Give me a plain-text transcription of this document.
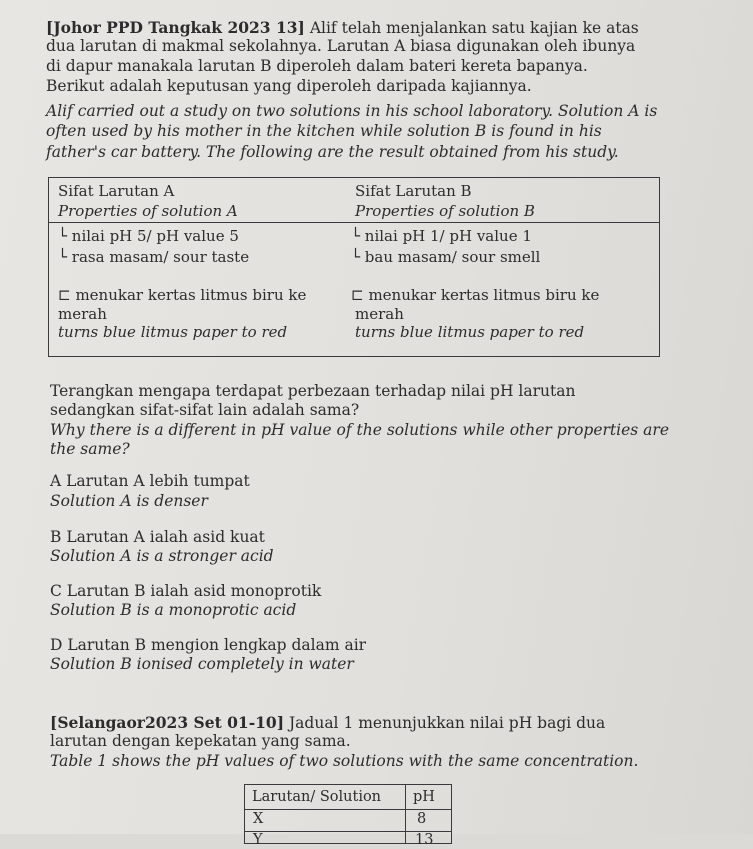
[Johor PPD Tangkak 2023 13] Alif telah menjalankan satu kajian ke atas
dua larutan di makmal sekolahnya. Larutan A biasa digunakan oleh ibunya
di dapur manakala larutan B diperoleh dalam bateri kereta bapanya.
Berikut adalah keputusan yang diperoleh daripada kajiannya.
Alif carried out a study on two solutions in his school laboratory. Solution A is
often used by his mother in the kitchen while solution B is found in his
father's car battery. The following are the result obtained from his study.
Sifat Larutan A
Properties of solution A
Sifat Larutan B
Properties of solution B
└ nilai pH 5/ pH value 5
└ rasa masam/ sour taste
⊏ menukar kertas litmus biru ke
merah
turns blue litmus paper to red
└ nilai pH 1/ pH value 1
└ bau masam/ sour smell
⊏ menukar kertas litmus biru ke
merah
turns blue litmus paper to red
Terangkan mengapa terdapat perbezaan terhadap nilai pH larutan
sedangkan sifat-sifat lain adalah sama?
Why there is a different in pH value of the solutions while other properties are
the same?
A Larutan A lebih tumpat
Solution A is denser
B Larutan A ialah asid kuat
Solution A is a stronger acid
C Larutan B ialah asid monoprotik
Solution B is a monoprotic acid
D Larutan B mengion lengkap dalam air
Solution B ionised completely in water
[Selangaor2023 Set 01-10] Jadual 1 menunjukkan nilai pH bagi dua
larutan dengan kepekatan yang sama.
Table 1 shows the pH values of two solutions with the same concentration.
Larutan/ Solution pH
X	8
Y	13
